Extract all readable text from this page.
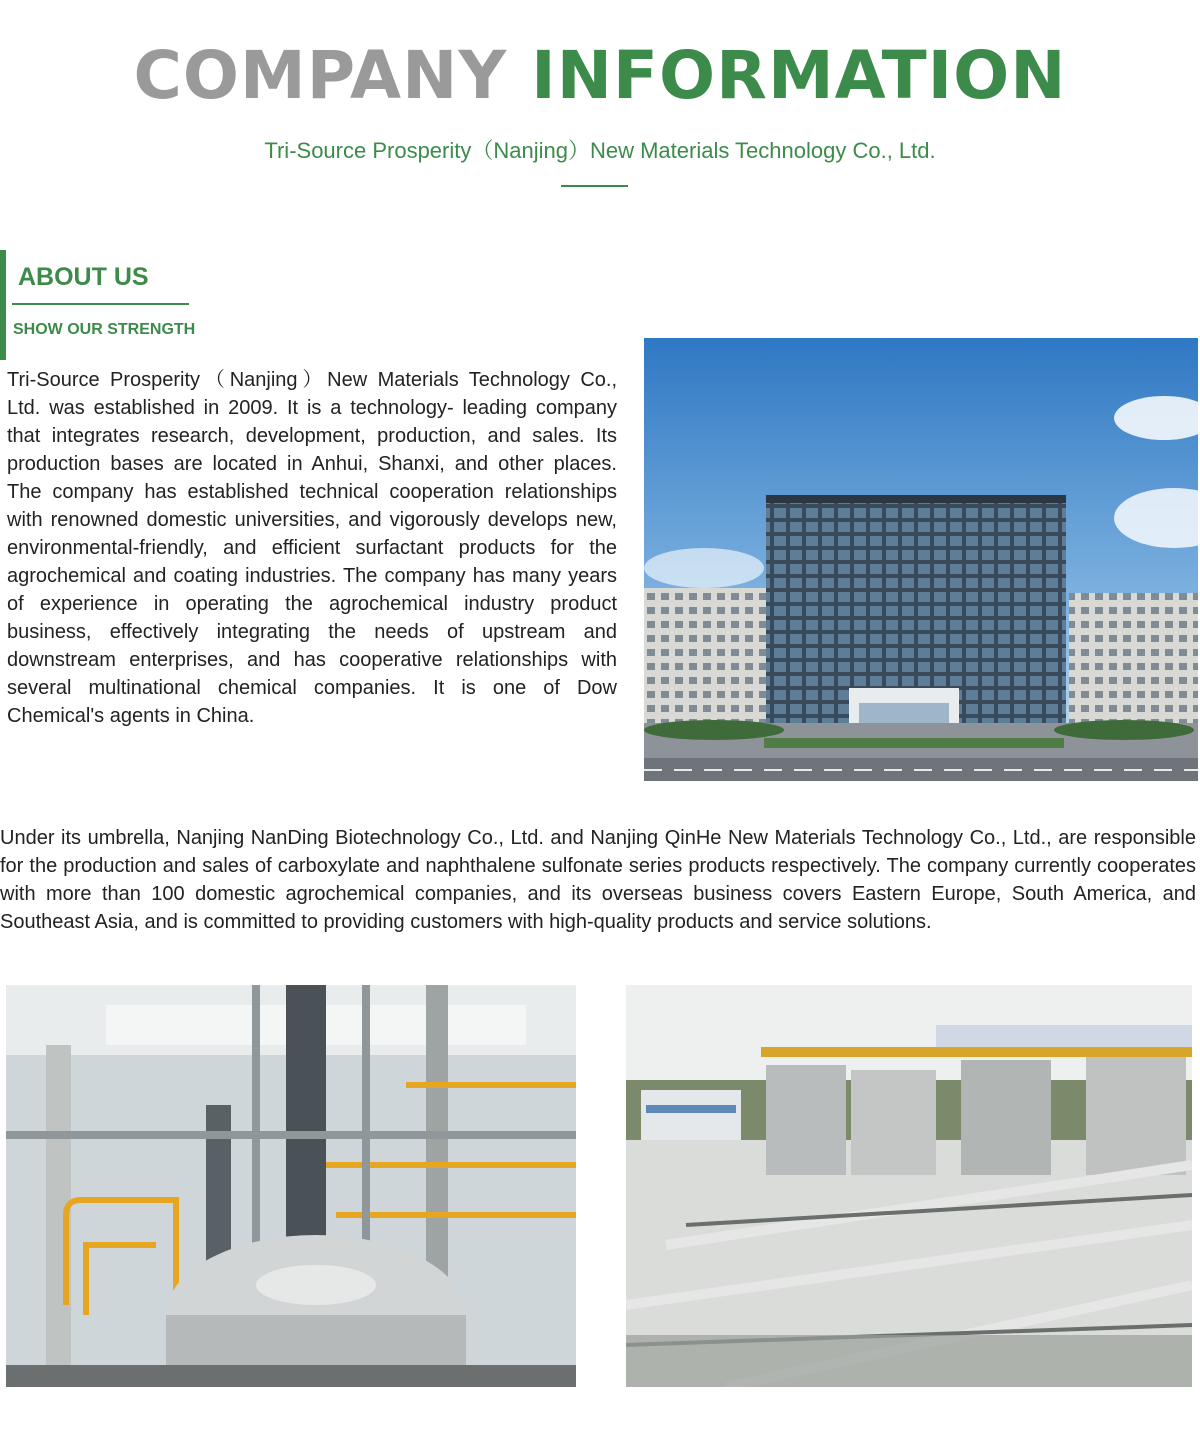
COMPANY INFORMATION
Tri-Source Prosperity（Nanjing）New Materials Technology Co., Ltd.
ABOUT US
SHOW OUR STRENGTH

Tri-Source Prosperity（Nanjing）New Materials Technology Co., Ltd. was established in 2009. It is a technology- leading company that integrates research, development, production, and sales. Its production bases are located in Anhui, Shanxi, and other places. The company has established technical cooperation relationships with renowned domestic universities, and vigorously develops new, environmental-friendly, and efficient surfactant products for the agrochemical and coating industries. The company has many years of experience in operating the agrochemical industry product business, effectively integrating the needs of upstream and downstream enterprises, and has cooperative relationships with several multinational chemical companies. It is one of Dow Chemical's agents in China.

Under its umbrella, Nanjing NanDing Biotechnology Co., Ltd. and Nanjing QinHe New Materials Technology Co., Ltd., are responsible for the production and sales of carboxylate and naphthalene sulfonate series products respectively. The company currently cooperates with more than 100 domestic agrochemical companies, and its overseas business covers Eastern Europe, South America, and Southeast Asia, and is committed to providing customers with high-quality products and service solutions.
